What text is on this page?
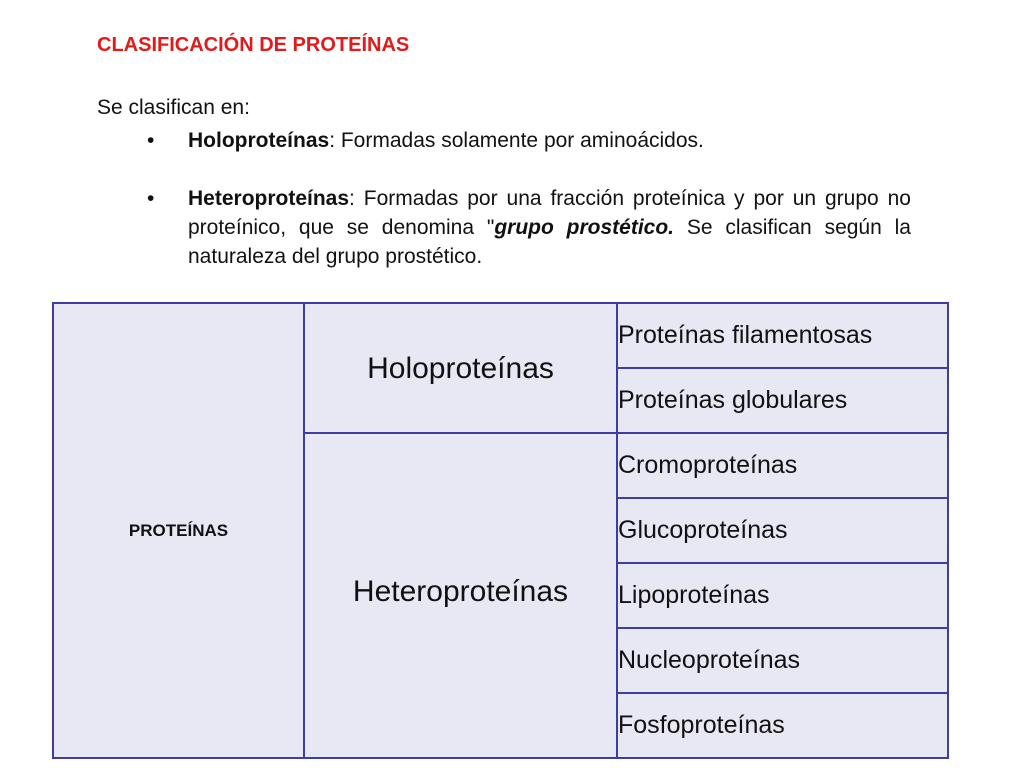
CLASIFICACIÓN DE PROTEÍNAS
Se clasifican en:
• Holoproteínas: Formadas solamente por aminoácidos.
• Heteroproteínas: Formadas por una fracción proteínica y por un grupo no proteínico, que se denomina "grupo prostético. Se clasifican según la naturaleza del grupo prostético.
PROTEÍNAS	Holoproteínas	Proteínas filamentosas
		Proteínas globulares
	Heteroproteínas	Cromoproteínas
		Glucoproteínas
		Lipoproteínas
		Nucleoproteínas
		Fosfoproteínas
